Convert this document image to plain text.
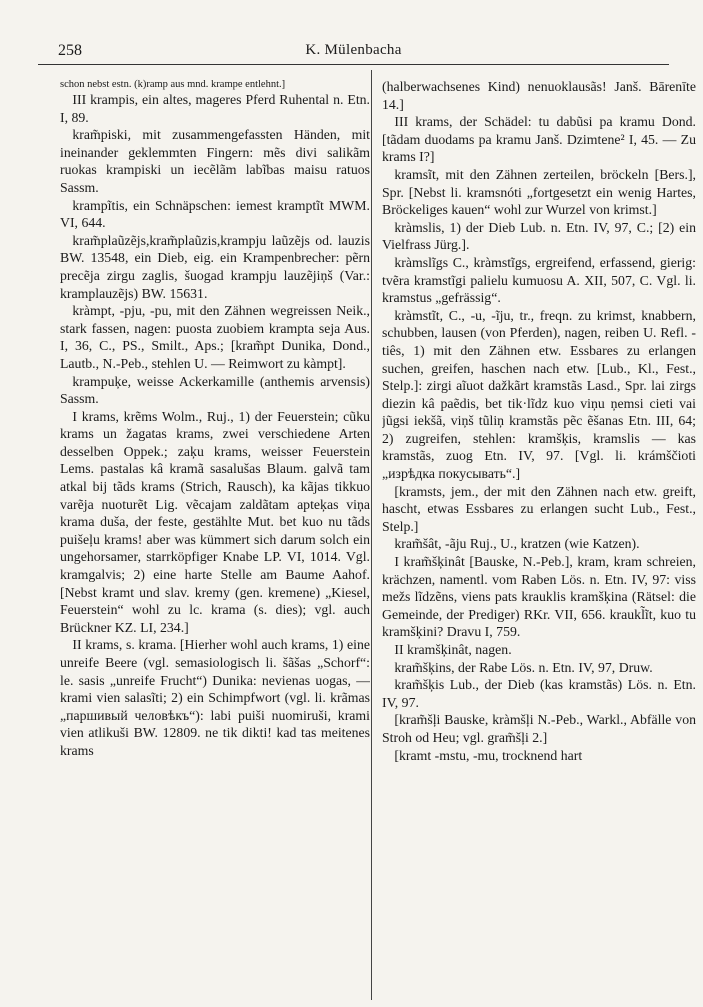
258	K. Mülenbacha

schon nebst estn. (k)ramp aus mnd. krampe entlehnt.]

III krampis, ein altes, mageres Pferd Ruhental n. Etn. I, 89.

kram̃piski, mit zusammengefassten Händen, mit ineinander geklemmten Fingern: mẽs divi salikãm ruokas krampiski un iecẽlãm labĩbas maisu ratuos Sassm.

krampĩtis, ein Schnäpschen: iemest kramptĩt MWM. VI, 644.

kram̃plaũzẽjs,kram̃plaũzis,krampju laũzẽjs od. lauzis BW. 13548, ein Dieb, eig. ein Krampenbrecher: pẽrn precẽja zirgu zaglis, šuogad krampju lauzẽjiņš (Var.: kramplauzẽjs) BW. 15631.

kràmpt, -pju, -pu, mit den Zähnen wegreissen Neik., stark fassen, nagen: puosta zuobiem krampta seja Aus. I, 36, C., PS., Smilt., Aps.; [kram̃pt Dunika, Dond., Lautb., N.-Peb., stehlen U. — Reimwort zu kàmpt].

krampuķe, weisse Ackerkamille (anthemis arvensis) Sassm.

I krams, krẽms Wolm., Ruj., 1) der Feuerstein; cũku krams un žagatas krams, zwei verschiedene Arten desselben Oppek.; zaķu krams, weisser Feuerstein Lems. pastalas kâ kramã sasalušas Blaum. galvã tam atkal bij tãds krams (Strich, Rausch), ka kãjas tikkuo varẽja nuoturẽt Lig. vẽcajam zaldãtam apteķas viņa krama duša, der feste, gestählte Mut. bet kuo nu tãds puišeļu krams! aber was kümmert sich darum solch ein ungehorsamer, starrköpfiger Knabe LP. VI, 1014. Vgl. kramgalvis; 2) eine harte Stelle am Baume Aahof. [Nebst kramt und slav. kremy (gen. kremene) „Kiesel, Feuerstein“ wohl zu lc. krama (s. dies); vgl. auch Brückner KZ. LI, 234.]

II krams, s. krama. [Hierher wohl auch krams, 1) eine unreife Beere (vgl. semasiologisch li. šãšas „Schorf“: le. sasis „unreife Frucht“) Dunika: nevienas uogas, — krami vien salasĩti; 2) ein Schimpfwort (vgl. li. krãmas „паршивый человѣкъ“): labi puiši nuomiruši, krami vien atlikuši BW. 12809. ne tik dikti! kad tas meitenes krams

(halberwachsenes Kind) nenuoklausãs! Janš. Bārenīte 14.]

III krams, der Schädel: tu dabũsi pa kramu Dond. [tãdam duodams pa kramu Janš. Dzimtene² I, 45. — Zu krams I?]

kramsĩt, mit den Zähnen zerteilen, bröckeln [Bers.], Spr. [Nebst li. kramsnóti „fortgesetzt ein wenig Hartes, Bröckeliges kauen“ wohl zur Wurzel von krimst.]

kràmslis, 1) der Dieb Lub. n. Etn. IV, 97, C.; [2) ein Vielfrass Jürg.].

kràmslĩgs C., kràmstĩgs, ergreifend, erfassend, gierig: tvẽra kramstĩgi palielu kumuosu A. XII, 507, C. Vgl. li. kramstus „gefrässig“.

kràmstĩt, C., -u, -ĩju, tr., freqn. zu krimst, knabbern, schubben, lausen (von Pferden), nagen, reiben U. Refl. -tiês, 1) mit den Zähnen etw. Essbares zu erlangen suchen, greifen, haschen nach etw. [Lub., Kl., Fest., Stelp.]: zirgi aĩuot dažkãrt kramstãs Lasd., Spr. lai zirgs diezin kâ paẽdis, bet tik·lĩdz kuo viņu ņemsi cieti vai jũgsi iekšã, viņš tũliņ kramstãs pẽc ẽšanas Etn. III, 64; 2) zugreifen, stehlen: kramšķis, kramslis — kas kramstãs, zuog Etn. IV, 97. [Vgl. li. krámščioti „изрѣдка покусывать“.]

[kramsts, jem., der mit den Zähnen nach etw. greift, hascht, etwas Essbares zu erlangen sucht Lub., Fest., Stelp.]

kram̃šât, -ãju Ruj., U., kratzen (wie Katzen).

I kram̃šķinât [Bauske, N.-Peb.], kram, kram schreien, krächzen, namentl. vom Raben Lös. n. Etn. IV, 97: viss mežs lĩdzẽns, viens pats krauklis kramšķina (Rätsel: die Gemeinde, der Prediger) RKr. VII, 656. kraukl̃ĩt, kuo tu kramšķini? Dravu I, 759.

II kramšķinât, nagen.

kram̃šķins, der Rabe Lös. n. Etn. IV, 97, Druw.

kram̃šķis Lub., der Dieb (kas kramstãs) Lös. n. Etn. IV, 97.

[kram̃šļi Bauske, kràmšļi N.-Peb., Warkl., Abfälle von Stroh od Heu; vgl. gram̃šļi 2.]

[kramt -mstu, -mu, trocknend hart
